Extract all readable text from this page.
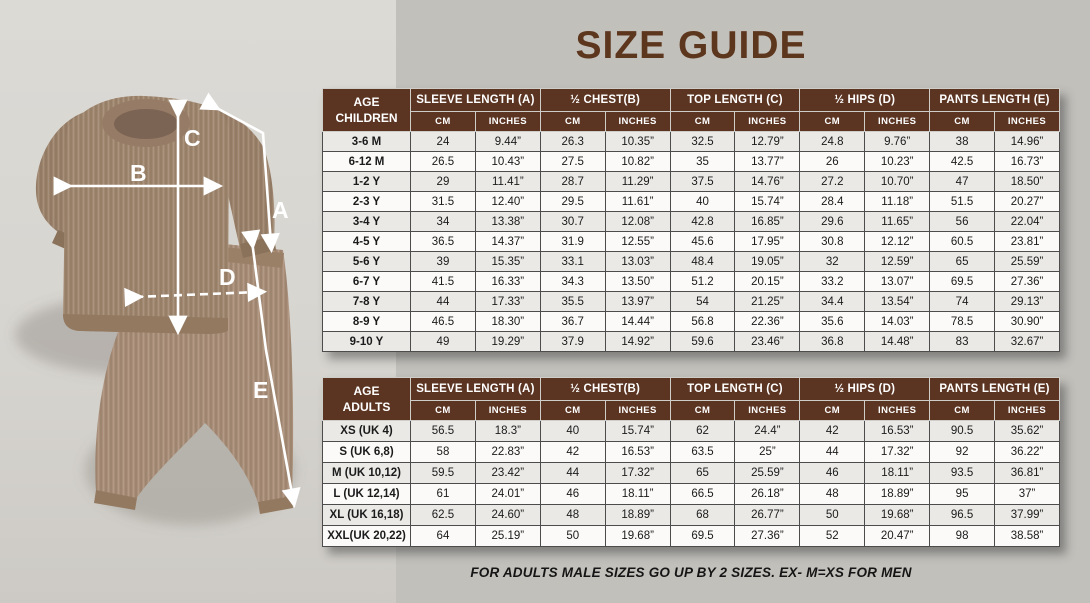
A
B
C
D
E
SIZE GUIDE
AGE
CHILDREN	SLEEVE LENGTH (A)		½ CHEST(B)		TOP LENGTH (C)		½ HIPS (D)		PANTS LENGTH (E)	
	CM	INCHES	CM	INCHES	CM	INCHES	CM	INCHES	CM	INCHES
3-6 M	24	9.44”	26.3	10.35”	32.5	12.79”	24.8	9.76”	38	14.96”
6-12 M	26.5	10.43”	27.5	10.82”	35	13.77”	26	10.23”	42.5	16.73”
1-2 Y	29	11.41”	28.7	11.29”	37.5	14.76”	27.2	10.70”	47	18.50”
2-3 Y	31.5	12.40”	29.5	11.61”	40	15.74”	28.4	11.18”	51.5	20.27”
3-4 Y	34	13.38”	30.7	12.08”	42.8	16.85”	29.6	11.65”	56	22.04”
4-5 Y	36.5	14.37”	31.9	12.55”	45.6	17.95”	30.8	12.12”	60.5	23.81”
5-6 Y	39	15.35”	33.1	13.03”	48.4	19.05”	32	12.59”	65	25.59”
6-7 Y	41.5	16.33”	34.3	13.50”	51.2	20.15”	33.2	13.07”	69.5	27.36”
7-8 Y	44	17.33”	35.5	13.97”	54	21.25”	34.4	13.54”	74	29.13”
8-9 Y	46.5	18.30”	36.7	14.44”	56.8	22.36”	35.6	14.03”	78.5	30.90”
9-10 Y	49	19.29”	37.9	14.92”	59.6	23.46”	36.8	14.48”	83	32.67”
AGE
ADULTS	SLEEVE LENGTH (A)		½ CHEST(B)		TOP LENGTH (C)		½ HIPS (D)		PANTS LENGTH (E)	
	CM	INCHES	CM	INCHES	CM	INCHES	CM	INCHES	CM	INCHES
XS (UK 4)	56.5	18.3”	40	15.74”	62	24.4”	42	16.53”	90.5	35.62”
S (UK 6,8)	58	22.83”	42	16.53”	63.5	25”	44	17.32”	92	36.22”
M (UK 10,12)	59.5	23.42”	44	17.32”	65	25.59”	46	18.11”	93.5	36.81”
L (UK 12,14)	61	24.01”	46	18.11”	66.5	26.18”	48	18.89”	95	37”
XL (UK 16,18)	62.5	24.60”	48	18.89”	68	26.77”	50	19.68”	96.5	37.99”
XXL(UK 20,22)	64	25.19”	50	19.68”	69.5	27.36”	52	20.47”	98	38.58”
FOR ADULTS MALE SIZES GO UP BY 2 SIZES. EX- M=XS FOR MEN
